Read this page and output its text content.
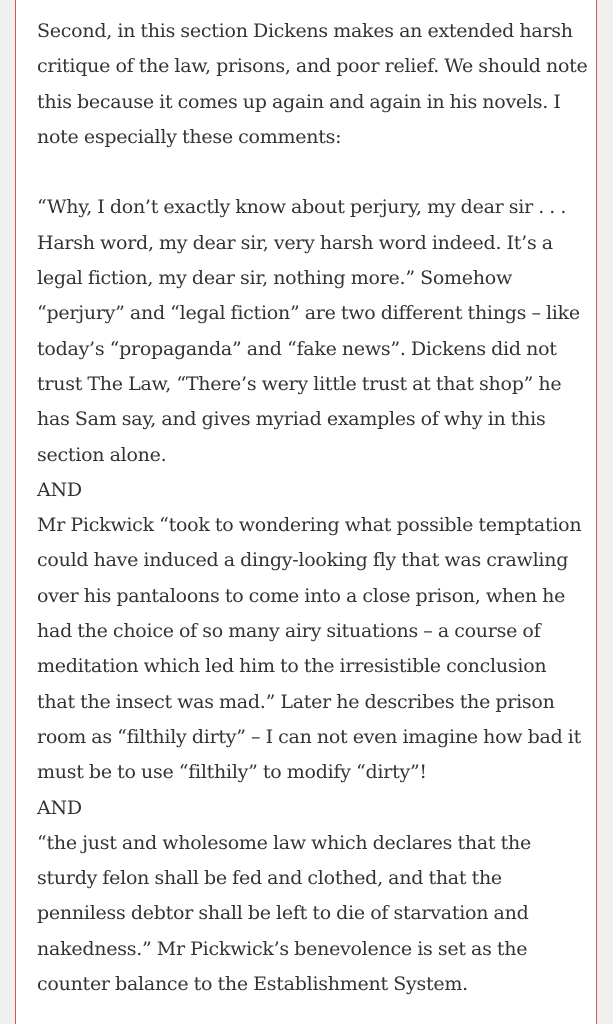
Second, in this section Dickens makes an extended harsh critique of the law, prisons, and poor relief. We should note this because it comes up again and again in his novels. I note especially these comments:

“Why, I don’t exactly know about perjury, my dear sir . . . Harsh word, my dear sir, very harsh word indeed. It’s a legal fiction, my dear sir, nothing more.” Somehow “perjury” and “legal fiction” are two different things – like today’s “propaganda” and “fake news”. Dickens did not trust The Law, “There’s wery little trust at that shop” he has Sam say, and gives myriad examples of why in this section alone.

AND

Mr Pickwick “took to wondering what possible temptation could have induced a dingy-looking fly that was crawling over his pantaloons to come into a close prison, when he had the choice of so many airy situations – a course of meditation which led him to the irresistible conclusion that the insect was mad.” Later he describes the prison room as “filthily dirty” – I can not even imagine how bad it must be to use “filthily” to modify “dirty”!

AND

“the just and wholesome law which declares that the sturdy felon shall be fed and clothed, and that the penniless debtor shall be left to die of starvation and nakedness.” Mr Pickwick’s benevolence is set as the counter balance to the Establishment System.
